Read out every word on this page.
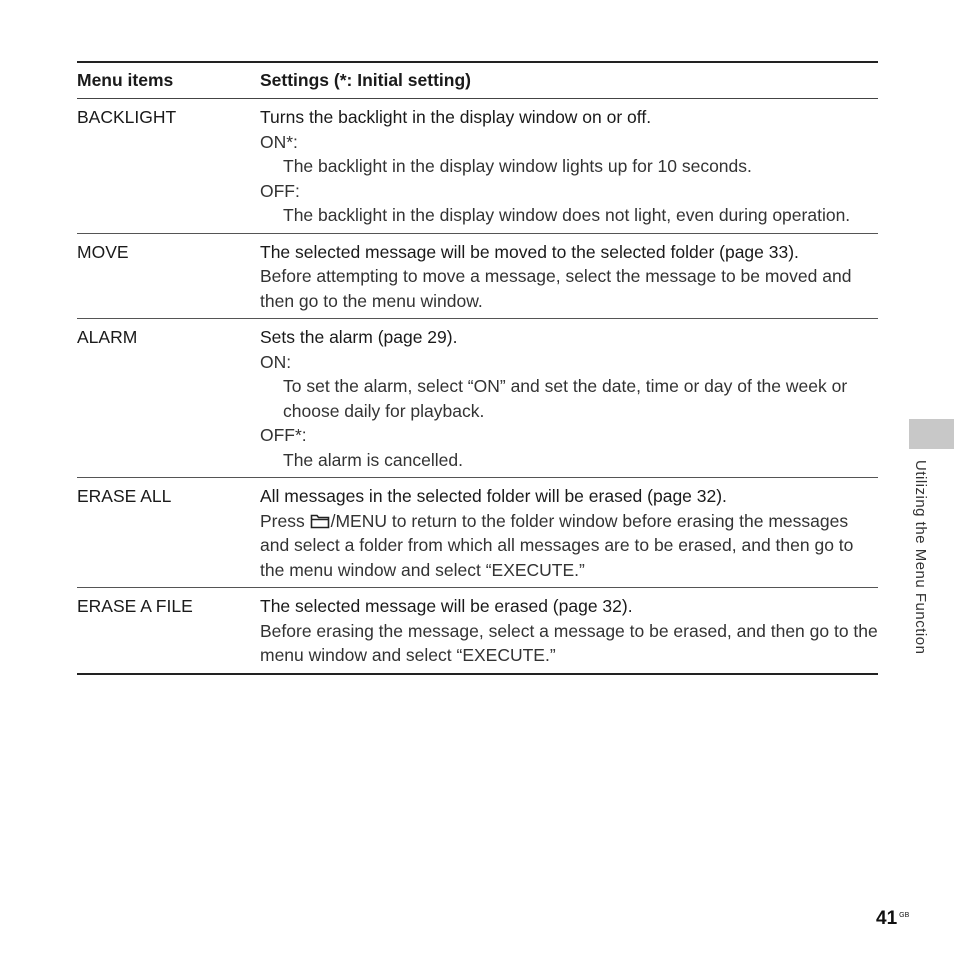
Menu items	Settings (*: Initial setting)
BACKLIGHT	Turns the backlight in the display window on or off.
ON*:
The backlight in the display window lights up for 10 seconds.
OFF:
The backlight in the display window does not light, even during operation.
MOVE	The selected message will be moved to the selected folder (page 33).
Before attempting to move a message, select the message to be moved and then go to the menu window.
ALARM	Sets the alarm (page 29).
ON:
To set the alarm, select “ON” and set the date, time or day of the week or choose daily for playback.
OFF*:
The alarm is cancelled.
ERASE ALL	All messages in the selected folder will be erased (page 32).
Press /MENU to return to the folder window before erasing the messages and select a folder from which all messages are to be erased, and then go to the menu window and select “EXECUTE.”
ERASE A FILE	The selected message will be erased (page 32).
Before erasing the message, select a message to be erased, and then go to the menu window and select “EXECUTE.”
Utilizing the Menu Function
41 $^{GB}$
